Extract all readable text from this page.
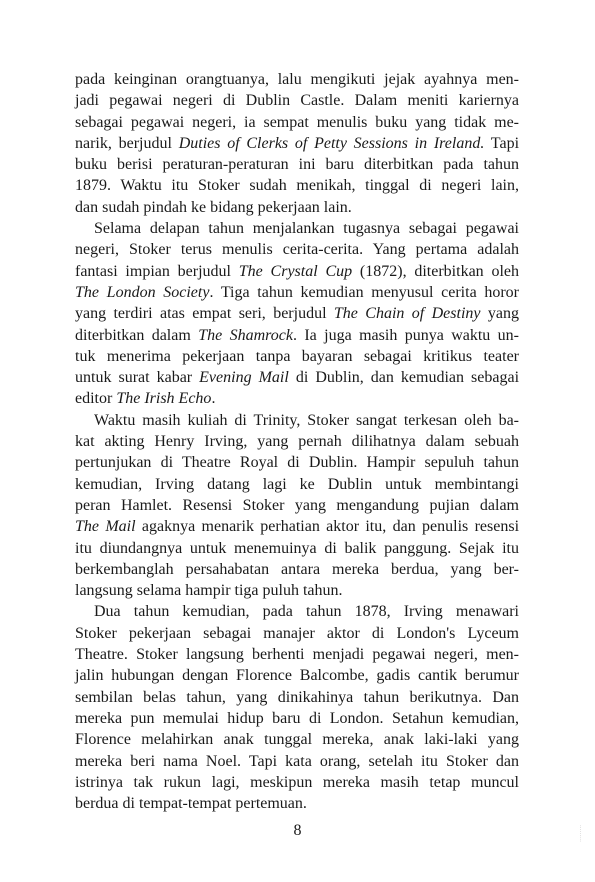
pada keinginan orangtuanya, lalu mengikuti jejak ayahnya men-
jadi pegawai negeri di Dublin Castle. Dalam meniti kariernya
sebagai pegawai negeri, ia sempat menulis buku yang tidak me-
narik, berjudul Duties of Clerks of Petty Sessions in Ireland. Tapi
buku berisi peraturan-peraturan ini baru diterbitkan pada tahun
1879. Waktu itu Stoker sudah menikah, tinggal di negeri lain,
dan sudah pindah ke bidang pekerjaan lain.
Selama delapan tahun menjalankan tugasnya sebagai pegawai
negeri, Stoker terus menulis cerita-cerita. Yang pertama adalah
fantasi impian berjudul The Crystal Cup (1872), diterbitkan oleh
The London Society. Tiga tahun kemudian menyusul cerita horor
yang terdiri atas empat seri, berjudul The Chain of Destiny yang
diterbitkan dalam The Shamrock. Ia juga masih punya waktu un-
tuk menerima pekerjaan tanpa bayaran sebagai kritikus teater
untuk surat kabar Evening Mail di Dublin, dan kemudian sebagai
editor The Irish Echo.
Waktu masih kuliah di Trinity, Stoker sangat terkesan oleh ba-
kat akting Henry Irving, yang pernah dilihatnya dalam sebuah
pertunjukan di Theatre Royal di Dublin. Hampir sepuluh tahun
kemudian, Irving datang lagi ke Dublin untuk membintangi
peran Hamlet. Resensi Stoker yang mengandung pujian dalam
The Mail agaknya menarik perhatian aktor itu, dan penulis resensi
itu diundangnya untuk menemuinya di balik panggung. Sejak itu
berkembanglah persahabatan antara mereka berdua, yang ber-
langsung selama hampir tiga puluh tahun.
Dua tahun kemudian, pada tahun 1878, Irving menawari
Stoker pekerjaan sebagai manajer aktor di London's Lyceum
Theatre. Stoker langsung berhenti menjadi pegawai negeri, men-
jalin hubungan dengan Florence Balcombe, gadis cantik berumur
sembilan belas tahun, yang dinikahinya tahun berikutnya. Dan
mereka pun memulai hidup baru di London. Setahun kemudian,
Florence melahirkan anak tunggal mereka, anak laki-laki yang
mereka beri nama Noel. Tapi kata orang, setelah itu Stoker dan
istrinya tak rukun lagi, meskipun mereka masih tetap muncul
berdua di tempat-tempat pertemuan.
8	·········
